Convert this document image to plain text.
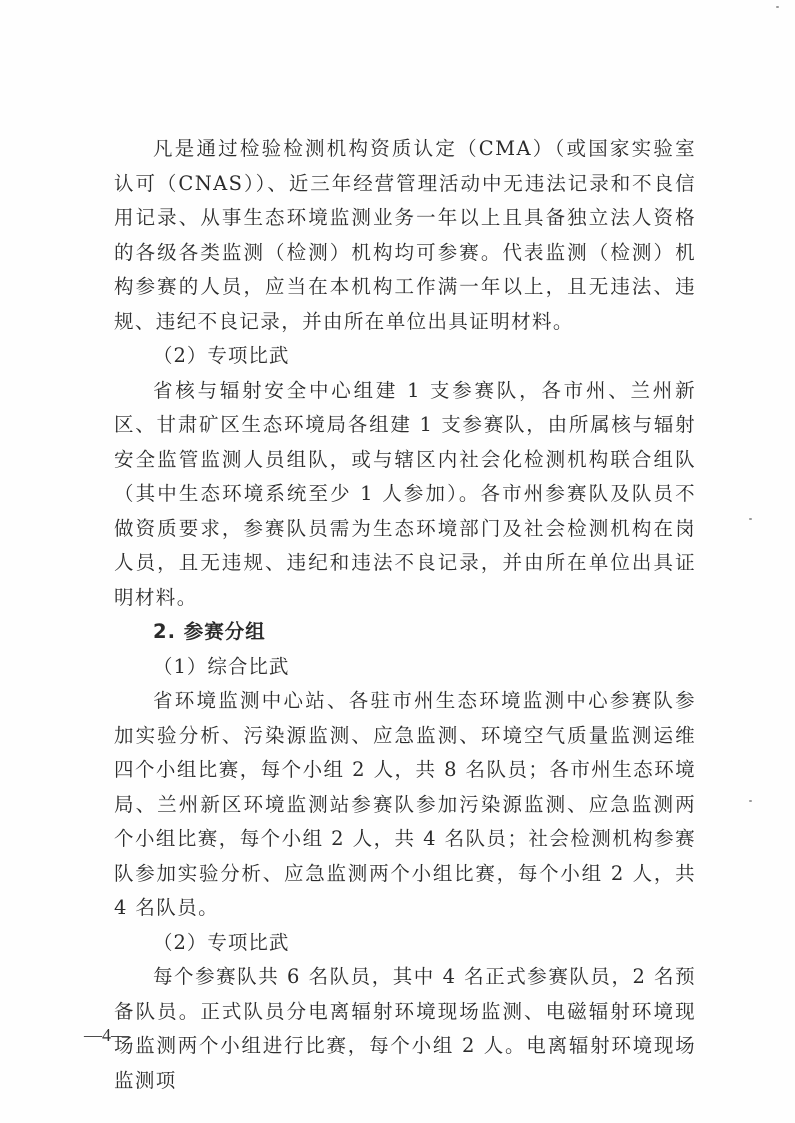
凡是通过检验检测机构资质认定（CMA）（或国家实验室认可（CNAS））、近三年经营管理活动中无违法记录和不良信用记录、从事生态环境监测业务一年以上且具备独立法人资格的各级各类监测（检测）机构均可参赛。代表监测（检测）机构参赛的人员，应当在本机构工作满一年以上，且无违法、违规、违纪不良记录，并由所在单位出具证明材料。

（2）专项比武

省核与辐射安全中心组建 1 支参赛队，各市州、兰州新区、甘肃矿区生态环境局各组建 1 支参赛队，由所属核与辐射安全监管监测人员组队，或与辖区内社会化检测机构联合组队（其中生态环境系统至少 1 人参加）。各市州参赛队及队员不做资质要求，参赛队员需为生态环境部门及社会检测机构在岗人员，且无违规、违纪和违法不良记录，并由所在单位出具证明材料。

2. 参赛分组

（1）综合比武

省环境监测中心站、各驻市州生态环境监测中心参赛队参加实验分析、污染源监测、应急监测、环境空气质量监测运维四个小组比赛，每个小组 2 人，共 8 名队员；各市州生态环境局、兰州新区环境监测站参赛队参加污染源监测、应急监测两个小组比赛，每个小组 2 人，共 4 名队员；社会检测机构参赛队参加实验分析、应急监测两个小组比赛，每个小组 2 人，共 4 名队员。

（2）专项比武

每个参赛队共 6 名队员，其中 4 名正式参赛队员，2 名预备队员。正式队员分电离辐射环境现场监测、电磁辐射环境现场监测两个小组进行比赛，每个小组 2 人。电离辐射环境现场监测项

—4—
